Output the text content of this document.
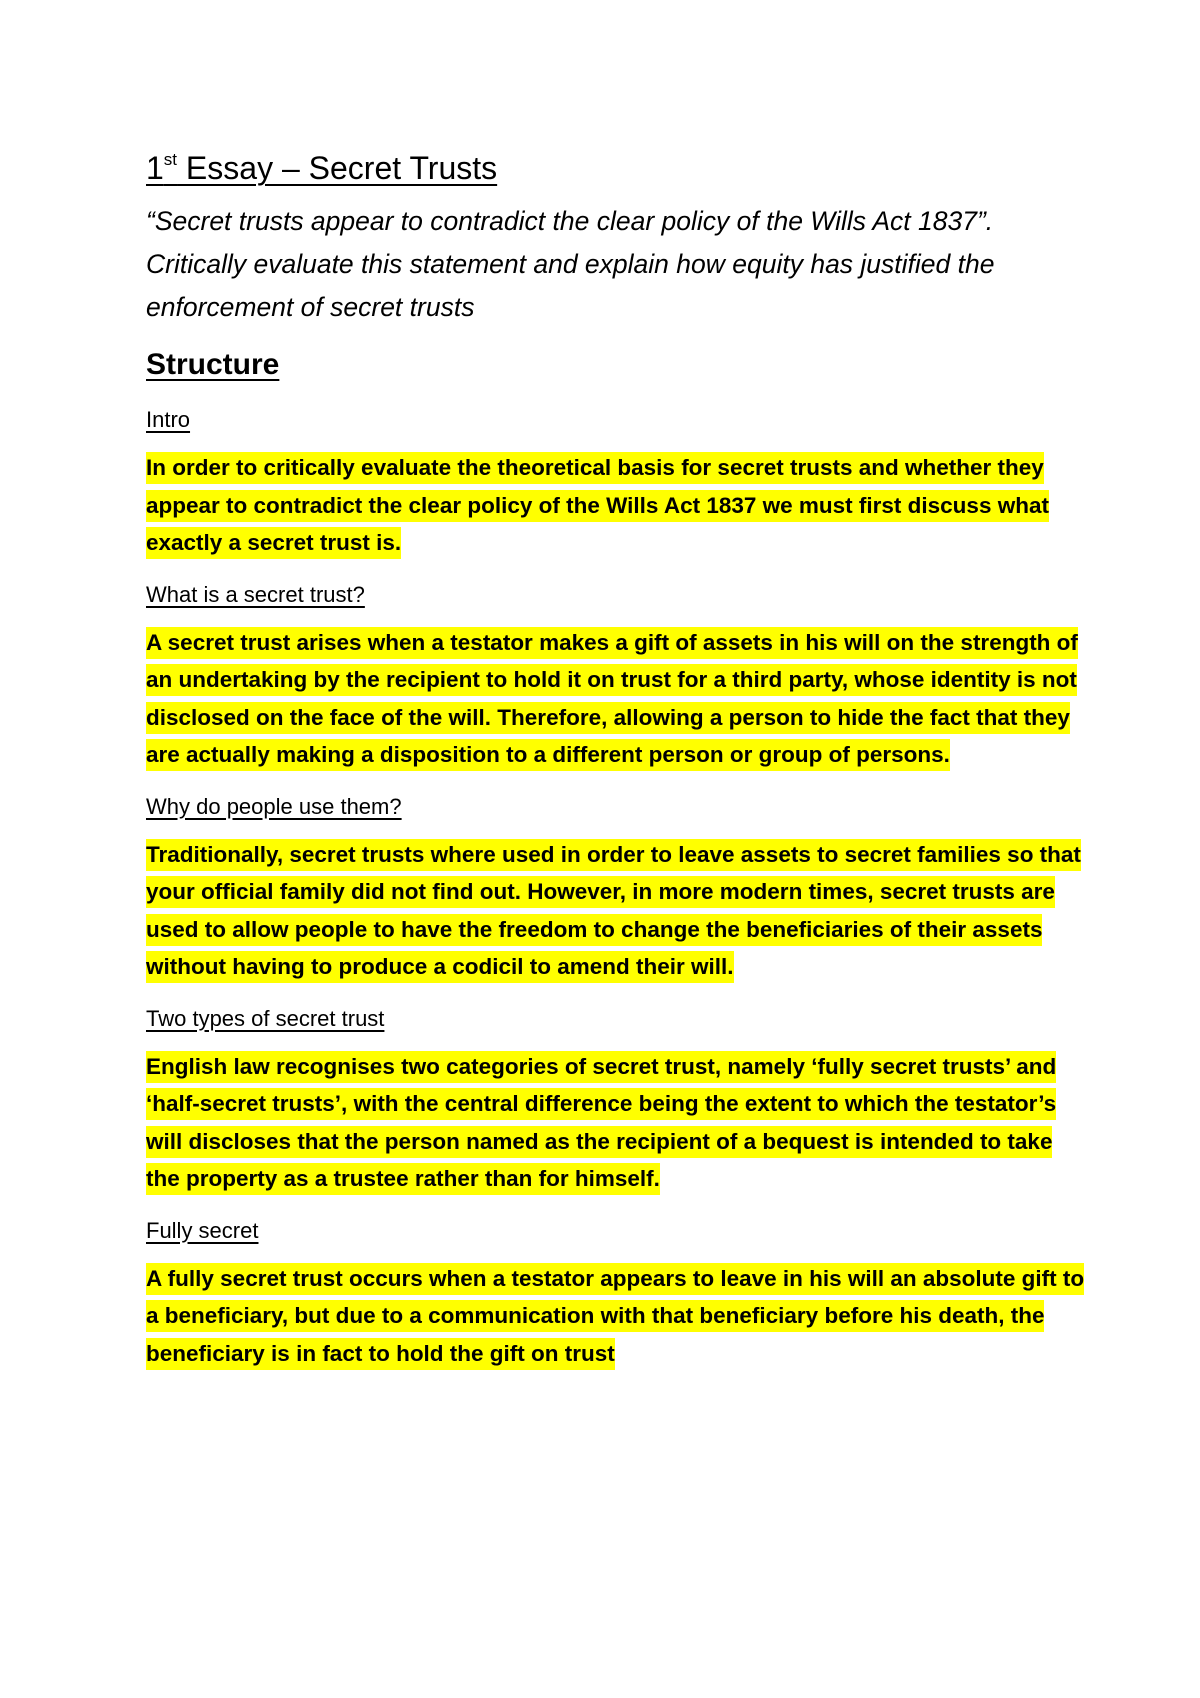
1st Essay – Secret Trusts

“Secret trusts appear to contradict the clear policy of the Wills Act 1837”. Critically evaluate this statement and explain how equity has justified the enforcement of secret trusts

Structure
Intro

In order to critically evaluate the theoretical basis for secret trusts and whether they appear to contradict the clear policy of the Wills Act 1837 we must first discuss what exactly a secret trust is.

What is a secret trust?

A secret trust arises when a testator makes a gift of assets in his will on the strength of an undertaking by the recipient to hold it on trust for a third party, whose identity is not disclosed on the face of the will. Therefore, allowing a person to hide the fact that they are actually making a disposition to a different person or group of persons.

Why do people use them?

Traditionally, secret trusts where used in order to leave assets to secret families so that your official family did not find out. However, in more modern times, secret trusts are used to allow people to have the freedom to change the beneficiaries of their assets without having to produce a codicil to amend their will.

Two types of secret trust

English law recognises two categories of secret trust, namely ‘fully secret trusts’ and ‘half-secret trusts’, with the central difference being the extent to which the testator’s will discloses that the person named as the recipient of a bequest is intended to take the property as a trustee rather than for himself.

Fully secret

A fully secret trust occurs when a testator appears to leave in his will an absolute gift to a beneficiary, but due to a communication with that beneficiary before his death, the beneficiary is in fact to hold the gift on trust
